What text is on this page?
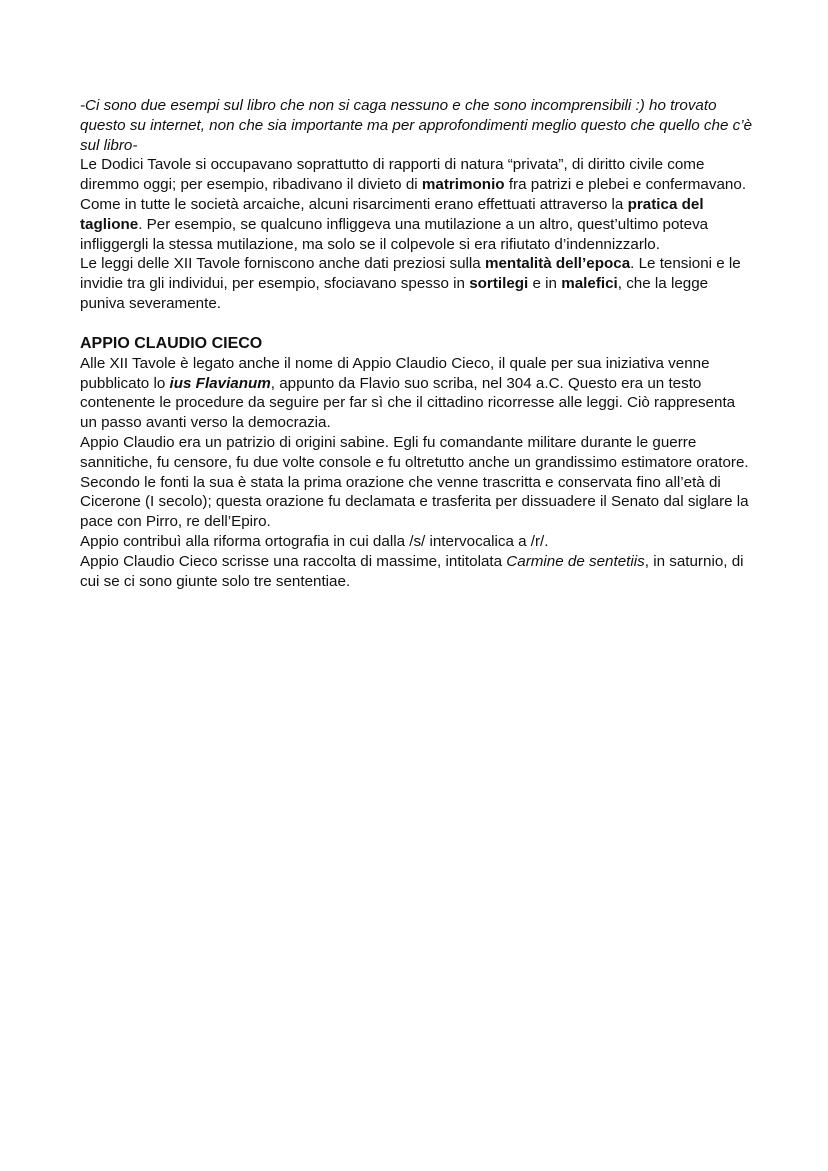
-Ci sono due esempi sul libro che non si caga nessuno e che sono incomprensibili :) ho trovato questo su internet, non che sia importante ma per approfondimenti meglio questo che quello che c’è sul libro-

Le Dodici Tavole si occupavano soprattutto di rapporti di natura “privata”, di diritto civile come diremmo oggi; per esempio, ribadivano il divieto di matrimonio fra patrizi e plebei e confermavano.

Come in tutte le società arcaiche, alcuni risarcimenti erano effettuati attraverso la pratica del taglione. Per esempio, se qualcuno infliggeva una mutilazione a un altro, quest’ultimo poteva infliggergli la stessa mutilazione, ma solo se il colpevole si era rifiutato d’indennizzarlo.

Le leggi delle XII Tavole forniscono anche dati preziosi sulla mentalità dell’epoca. Le tensioni e le invidie tra gli individui, per esempio, sfociavano spesso in sortilegi e in malefici, che la legge puniva severamente.

APPIO CLAUDIO CIECO

Alle XII Tavole è legato anche il nome di Appio Claudio Cieco, il quale per sua iniziativa venne pubblicato lo ius Flavianum, appunto da Flavio suo scriba, nel 304 a.C. Questo era un testo contenente le procedure da seguire per far sì che il cittadino ricorresse alle leggi. Ciò rappresenta un passo avanti verso la democrazia.

Appio Claudio era un patrizio di origini sabine. Egli fu comandante militare durante le guerre sannitiche, fu censore, fu due volte console e fu oltretutto anche un grandissimo estimatore oratore.

Secondo le fonti la sua è stata la prima orazione che venne trascritta e conservata fino all’età di Cicerone (I secolo); questa orazione fu declamata e trasferita per dissuadere il Senato dal siglare la pace con Pirro, re dell’Epiro.

Appio contribuì alla riforma ortografia in cui dalla /s/ intervocalica a /r/.

Appio Claudio Cieco scrisse una raccolta di massime, intitolata Carmine de sentetiis, in saturnio, di cui se ci sono giunte solo tre sententiae.
